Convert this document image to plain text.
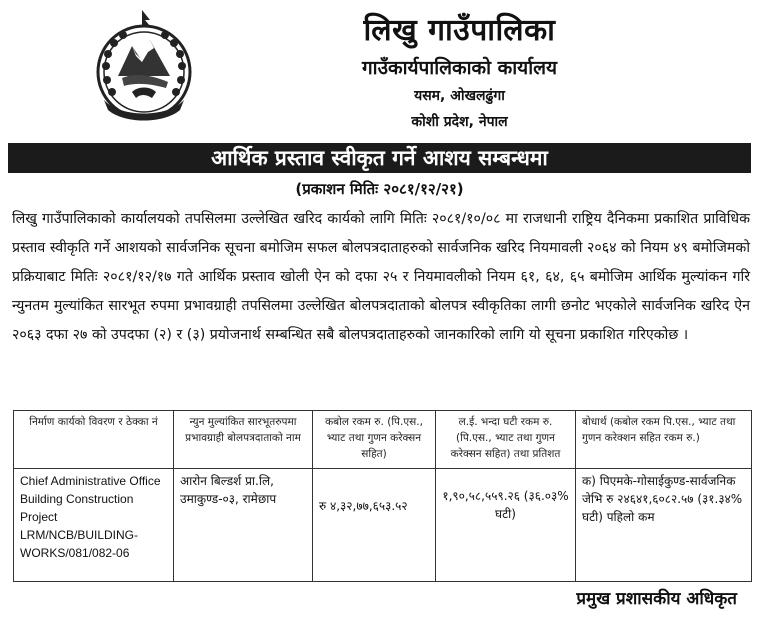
लिखु गाउँपालिका
गाउँकार्यपालिकाको कार्यालय
यसम, ओखलढुंगा
कोशी प्रदेश, नेपाल
आर्थिक प्रस्ताव स्वीकृत गर्ने आशय सम्बन्धमा
(प्रकाशन मितिः २०८१/१२/२१)
लिखु गाउँपालिकाको कार्यालयको तपसिलमा उल्लेखित खरिद कार्यको लागि मितिः २०८१/१०/०८ मा राजधानी राष्ट्रिय दैनिकमा प्रकाशित प्राविधिक प्रस्ताव स्वीकृति गर्ने आशयको सार्वजनिक सूचना बमोजिम सफल बोलपत्रदाताहरुको सार्वजनिक खरिद नियमावली २०६४ को नियम ४९ बमोजिमको प्रक्रियाबाट मितिः २०८१/१२/१७ गते आर्थिक प्रस्ताव खोली ऐन को दफा २५ र नियमावलीको नियम ६१, ६४, ६५ बमोजिम आर्थिक मुल्यांकन गरि न्युनतम मुल्यांकित सारभूत रुपमा प्रभावग्राही तपसिलमा उल्लेखित बोलपत्रदाताको बोलपत्र स्वीकृतिका लागी छनोट भएकोले सार्वजनिक खरिद ऐन २०६३ दफा २७ को उपदफा (२) र (३) प्रयोजनार्थ सम्बन्धित सबै बोलपत्रदाताहरुको जानकारिको लागि यो सूचना प्रकाशित गरिएकोछ ।
निर्माण कार्यको विवरण र ठेक्का नं	न्युन मुल्यांकित सारभूतरुपमा प्रभावग्राही बोलपत्रदाताको नाम	कबोल रकम रु. (पि.एस., भ्याट तथा गुणन करेक्सन सहित)	ल.ई. भन्दा घटी रकम रु. (पि.एस., भ्याट तथा गुणन करेक्सन सहित) तथा प्रतिशत	बोधार्थ (कबोल रकम पि.एस., भ्याट तथा गुणन करेक्शन सहित रकम रु.)
Chief Administrative Office Building Construction Project LRM/NCB/BUILDING-WORKS/081/082-06	आरोन बिल्डर्श प्रा.लि, उमाकुण्ड-०३, रामेछाप	रु ४,३२,७७,६५३.५२	१,९०,५८,५५९.२६ (३६.०३% घटी)	क) पिएमके-गोसाईकुण्ड-सार्वजनिक जेभि रु २४६४१,६०८२.५७ (३१.३४% घटी) पहिलो कम
प्रमुख प्रशासकीय अधिकृत
